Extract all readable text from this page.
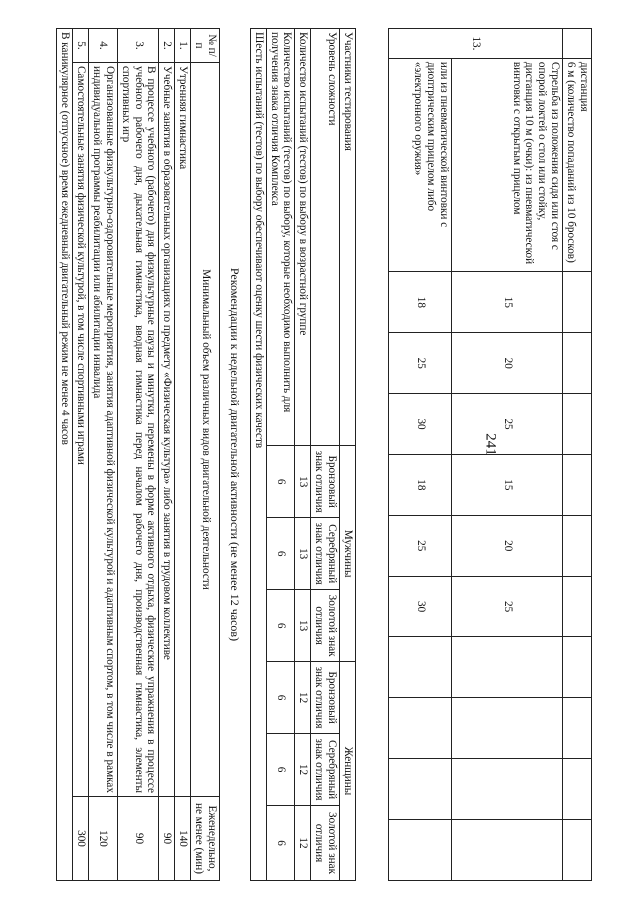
241

	дистанция
6 м (количество попаданий из 10 бросков)										

13.	Стрельба из положения сидя или стоя с опорой локтей о стол или стойку, дистанция 10 м (очки): из пневматической винтовки с открытым прицелом	15	20	25	15	20	25				
	или из пневматической винтовки с диоптрическим прицелом либо «электронного оружия»	18	25	30	18	25	30				
Участники тестирования	Мужчины			Женщины		
Уровень сложности	Бронзовый знак отличия	Серебряный знак отличия	Золотой знак отличия	Бронзовый знак отличия	Серебряный знак отличия	Золотой знак отличия
Количество испытаний (тестов) по выбору в возрастной группе	13	13	13	12	12	12
Количество испытаний (тестов) по выбору, которые необходимо выполнить для получения знака отличия Комплекса	6	6	6	6	6	6
Шесть испытаний (тестов) по выбору обеспечивают оценку шести физических качеств						
Рекомендации к недельной двигательной активности (не менее 12 часов)
№ п/п	Минимальный объем различных видов двигательной деятельности	Еженедельно, не менее (мин)
1.	Утренняя гимнастика	140
2.	Учебные занятия в образовательных организациях по предмету «Физическая культура» либо занятия в трудовом коллективе	90
3.	В процессе учебного (рабочего) дня физкультурные паузы и минутки, перемены в форме активного отдыха, физические упражнения в процессе учебного рабочего дня, дыхательная гимнастика, вводная гимнастика перед началом рабочего дня, производственная гимнастика, элементы спортивных игр	90
4.	Организованные физкультурно-оздоровительные мероприятия, занятия адаптивной физической культурой и адаптивным спортом, в том числе в рамках индивидуальной программы реабилитации или абилитации инвалида	120
5.	Самостоятельные занятия физической культурой, в том числе спортивными играми	300
В каникулярное (отпускное) время ежедневный двигательный режим не менее 4 часов		
